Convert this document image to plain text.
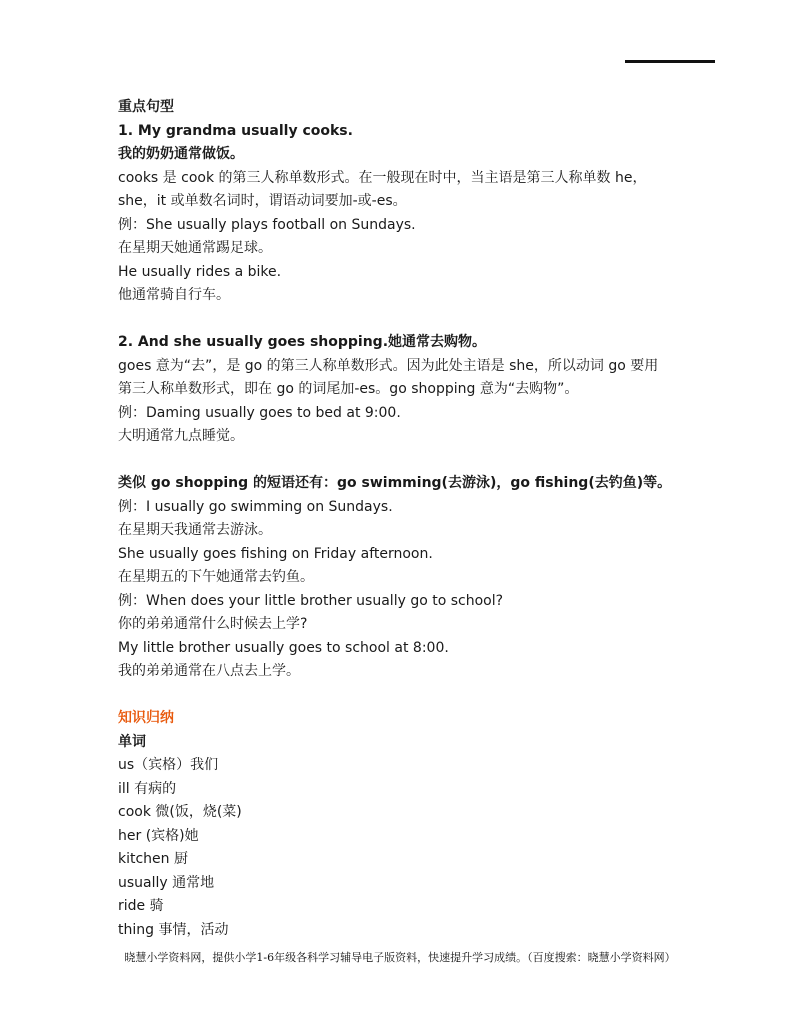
重点句型
1. My grandma usually cooks.
我的奶奶通常做饭。
cooks 是 cook 的第三人称单数形式。在一般现在时中，当主语是第三人称单数 he，
she，it 或单数名词时，谓语动词要加-或-es。
例：She usually plays football on Sundays.
在星期天她通常踢足球。
He usually rides a bike.
他通常骑自行车。
2. And she usually goes shopping.她通常去购物。
goes 意为“去”，是 go 的第三人称单数形式。因为此处主语是 she，所以动词 go 要用
第三人称单数形式，即在 go 的词尾加-es。go shopping 意为“去购物”。
例：Daming usually goes to bed at 9:00.
大明通常九点睡觉。
类似 go shopping 的短语还有：go swimming(去游泳)，go fishing(去钓鱼)等。
例：I usually go swimming on Sundays.
在星期天我通常去游泳。
She usually goes fishing on Friday afternoon.
在星期五的下午她通常去钓鱼。
例：When does your little brother usually go to school?
你的弟弟通常什么时候去上学?
My little brother usually goes to school at 8:00.
我的弟弟通常在八点去上学。
知识归纳
单词
us（宾格）我们
ill 有病的
cook 微(饭，烧(菜)
her (宾格)她
kitchen 厨
usually 通常地
ride 骑
thing 事情，活动
晓慧小学资料网，提供小学1-6年级各科学习辅导电子版资料，快速提升学习成绩。（百度搜索：晓慧小学资料网）
